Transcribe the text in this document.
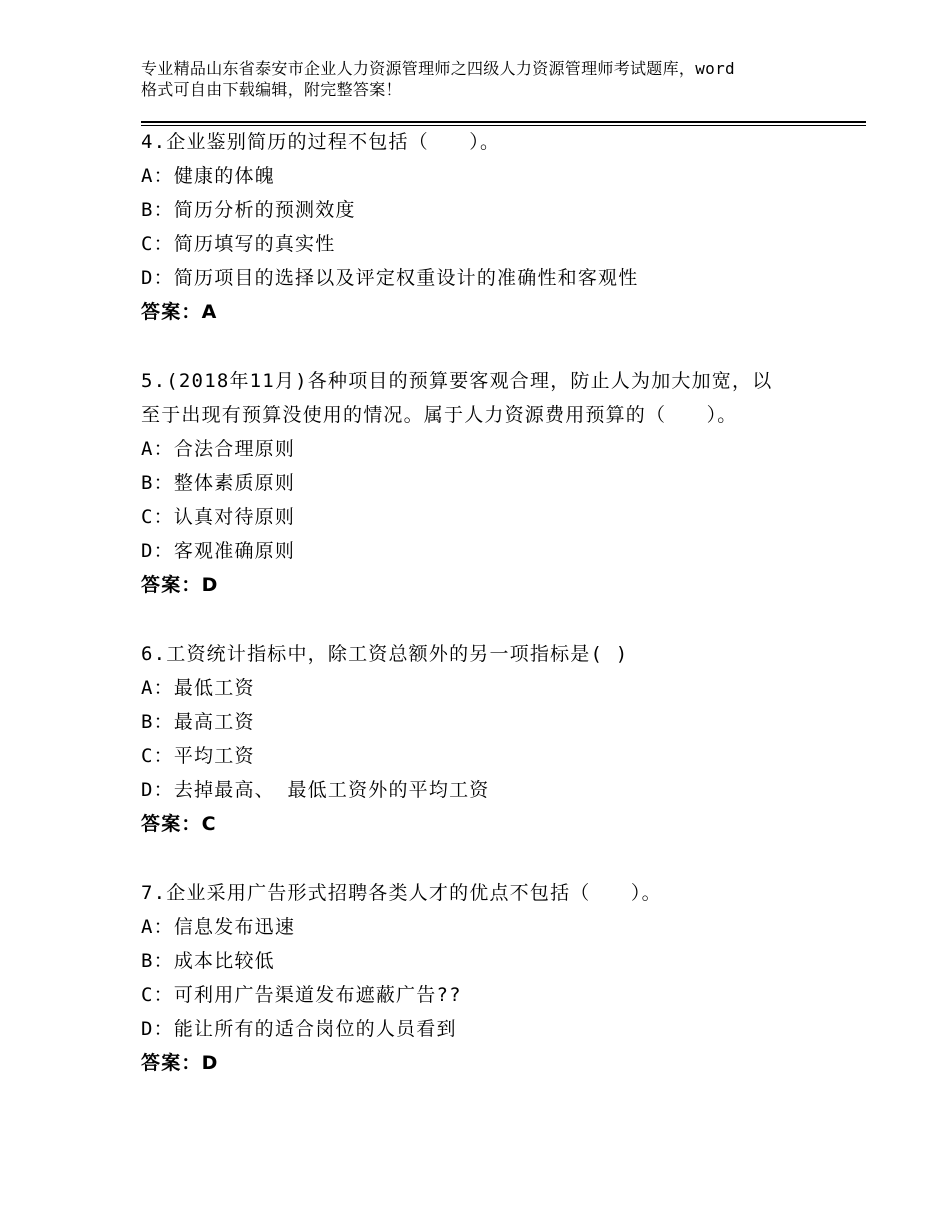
专业精品山东省泰安市企业人力资源管理师之四级人力资源管理师考试题库，word
格式可自由下载编辑，附完整答案！
4.企业鉴别简历的过程不包括（　　）。
A：健康的体魄
B：简历分析的预测效度
C：简历填写的真实性
D：简历项目的选择以及评定权重设计的准确性和客观性
答案：A
5.(2018年11月)各种项目的预算要客观合理，防止人为加大加宽，以
至于出现有预算没使用的情况。属于人力资源费用预算的（　　）。
A：合法合理原则
B：整体素质原则
C：认真对待原则
D：客观准确原则
答案：D
6.工资统计指标中，除工资总额外的另一项指标是( )
A：最低工资
B：最高工资
C：平均工资
D：去掉最高、 最低工资外的平均工资
答案：C
7.企业采用广告形式招聘各类人才的优点不包括（　　）。
A：信息发布迅速
B：成本比较低
C：可利用广告渠道发布遮蔽广告??
D：能让所有的适合岗位的人员看到
答案：D
